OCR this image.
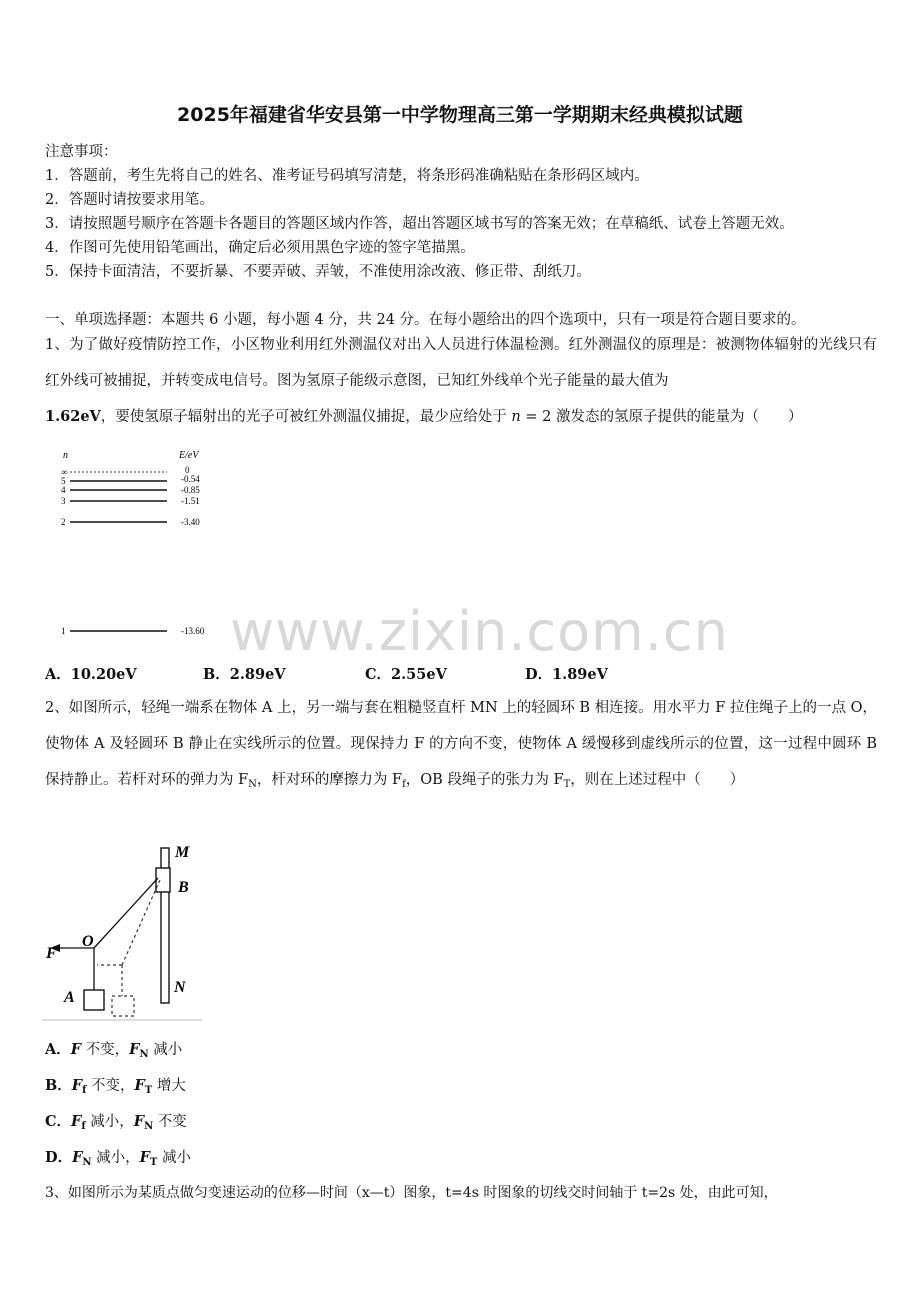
2025年福建省华安县第一中学物理高三第一学期期末经典模拟试题
注意事项：
1．答题前，考生先将自己的姓名、准考证号码填写清楚，将条形码准确粘贴在条形码区域内。
2．答题时请按要求用笔。
3．请按照题号顺序在答题卡各题目的答题区域内作答，超出答题区域书写的答案无效；在草稿纸、试卷上答题无效。
4．作图可先使用铅笔画出，确定后必须用黑色字迹的签字笔描黑。
5．保持卡面清洁，不要折暴、不要弄破、弄皱，不准使用涂改液、修正带、刮纸刀。
一、单项选择题：本题共 6 小题，每小题 4 分，共 24 分。在每小题给出的四个选项中，只有一项是符合题目要求的。
1、为了做好疫情防控工作，小区物业利用红外测温仪对出入人员进行体温检测。红外测温仪的原理是：被测物体辐射的光线只有红外线可被捕捉，并转变成电信号。图为氢原子能级示意图，已知红外线单个光子能量的最大值为
1.62eV，要使氢原子辐射出的光子可被红外测温仪捕捉，最少应给处于 n = 2 激发态的氢原子提供的能量为（　　）
n	E/eV
∞	0
5	-0.54
4	-0.85
3	-1.51
2	-3.40
1	-13.60 www.zixin.com.cn
A．10.20eV	B．2.89eV	C．2.55eV	D．1.89eV
2、如图所示，轻绳一端系在物体 A 上，另一端与套在粗糙竖直杆 MN 上的轻圆环 B 相连接。用水平力 F 拉住绳子上的一点 O，使物体 A 及轻圆环 B 静止在实线所示的位置。现保持力 F 的方向不变，使物体 A 缓慢移到虚线所示的位置，这一过程中圆环 B 保持静止。若杆对环的弹力为 $F_N$，杆对环的摩擦力为 $F_f$，OB 段绳子的张力为 $F_T$，则在上述过程中（　　）
M
B
N
O
F
A
A．F 不变，$F_N$ 减小
B．$F_f$ 不变，$F_T$ 增大
C．$F_f$ 减小，$F_N$ 不变
D．$F_N$ 减小，$F_T$ 减小
3、如图所示为某质点做匀变速运动的位移—时间（x—t）图象，t=4s 时图象的切线交时间轴于 t=2s 处，由此可知，
